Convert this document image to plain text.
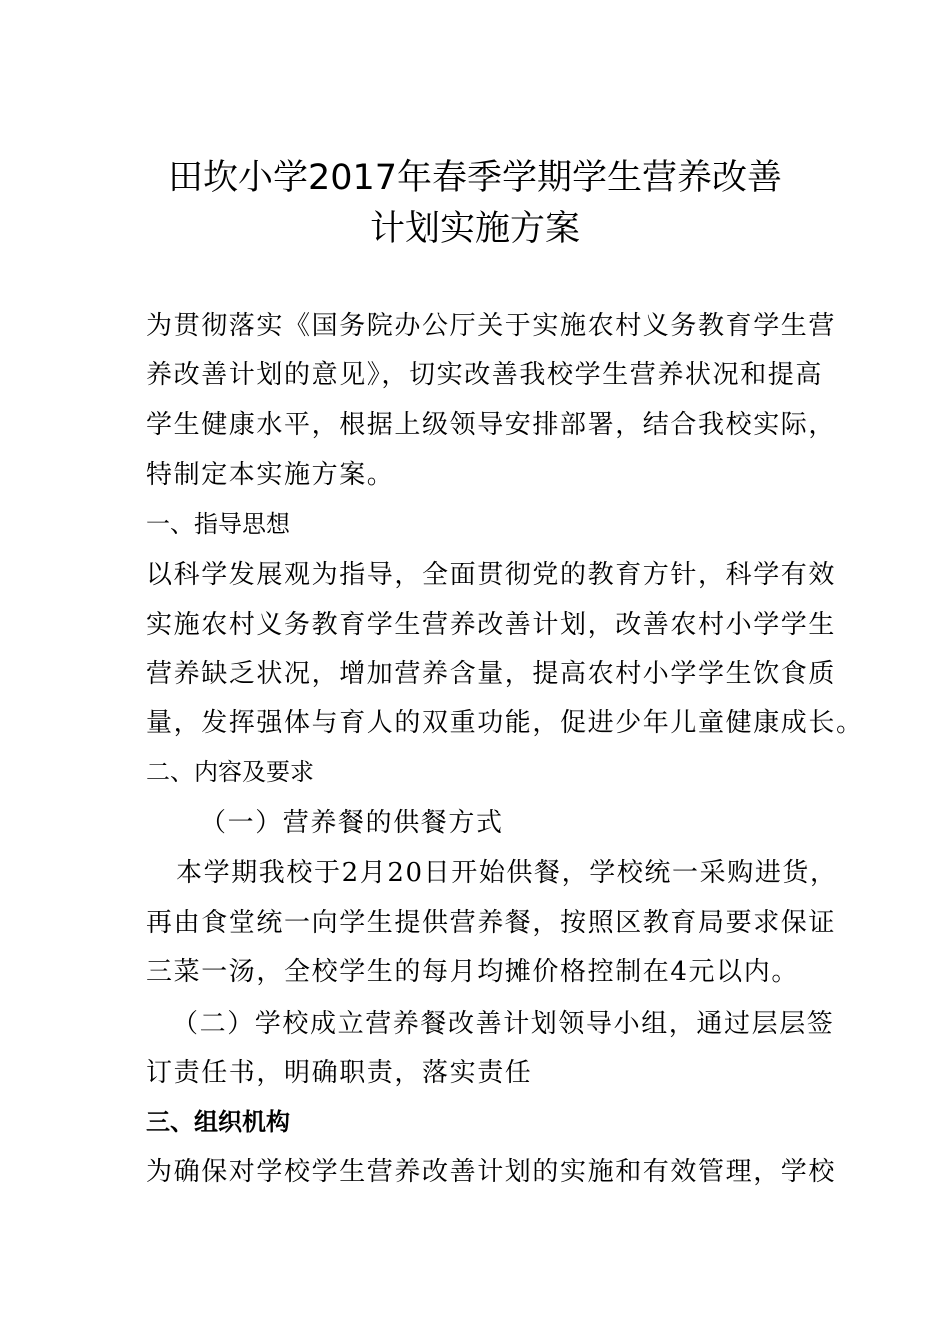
田坎小学2017年春季学期学生营养改善
计划实施方案

为贯彻落实《国务院办公厅关于实施农村义务教育学生营

养改善计划的意见》，切实改善我校学生营养状况和提高

学生健康水平，根据上级领导安排部署，结合我校实际，

特制定本实施方案。

一、指导思想

以科学发展观为指导，全面贯彻党的教育方针，科学有效

实施农村义务教育学生营养改善计划，改善农村小学学生

营养缺乏状况，增加营养含量，提高农村小学学生饮食质

量，发挥强体与育人的双重功能，促进少年儿童健康成长。

二、内容及要求

（一）营养餐的供餐方式

本学期我校于2月20日开始供餐，学校统一采购进货，

再由食堂统一向学生提供营养餐，按照区教育局要求保证

三菜一汤，全校学生的每月均摊价格控制在4元以内。

（二）学校成立营养餐改善计划领导小组，通过层层签

订责任书，明确职责，落实责任

三、组织机构

为确保对学校学生营养改善计划的实施和有效管理，学校
